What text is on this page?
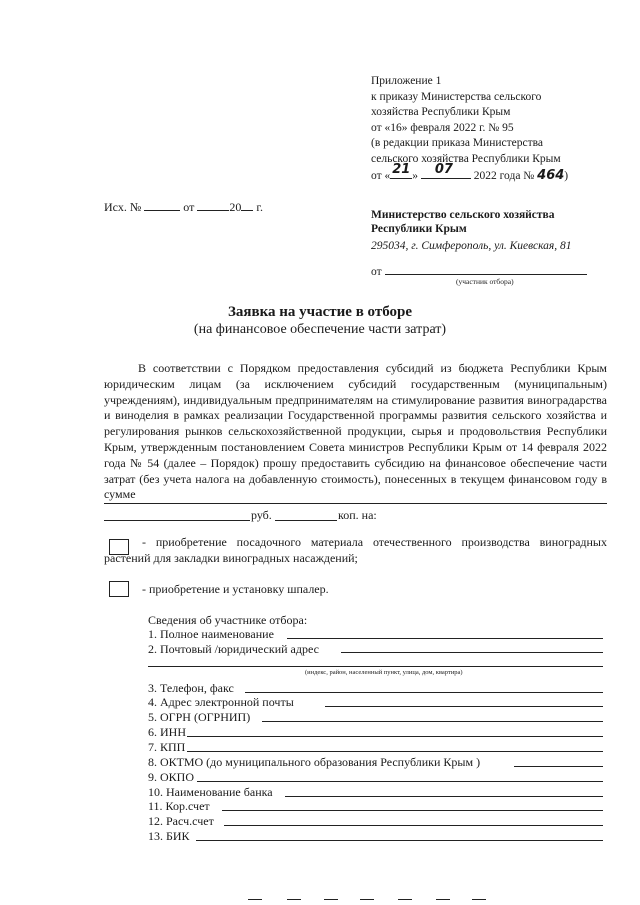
Приложение 1
к приказу Министерства сельского
хозяйства Республики Крым
от «16» февраля 2022 г. № 95
(в редакции приказа Министерства
сельского хозяйства Республики Крым
от « 21 » 07 2022 года № 464)
Исх. №	от	20 г.
Министерство сельского хозяйства
Республики Крым
295034, г. Симферополь, ул. Киевская, 81
от
(участник отбора)
Заявка на участие в отборе
(на финансовое обеспечение части затрат)
В соответствии с Порядком предоставления субсидий из бюджета Республики Крым юридическим лицам (за исключением субсидий государственным (муниципальным) учреждениям), индивидуальным предпринимателям на стимулирование развития виноградарства и виноделия в рамках реализации Государственной программы развития сельского хозяйства и регулирования рынков сельскохозяйственной продукции, сырья и продовольствия Республики Крым, утвержденным постановлением Совета министров Республики Крым от 14 февраля 2022 года № 54 (далее – Порядок) прошу предоставить субсидию на финансовое обеспечение части затрат (без учета налога на добавленную стоимость), понесенных в текущем финансовом году в сумме
руб.	коп. на:
- приобретение посадочного материала отечественного производства виноградных растений для закладки виноградных насаждений;
- приобретение и установку шпалер.
Сведения об участнике отбора:
1. Полное наименование
2. Почтовый /юридический адрес
(индекс, район, населенный пункт, улица, дом, квартира)
3. Телефон, факс
4. Адрес электронной почты
5. ОГРН (ОГРНИП)
6. ИНН
7. КПП
8. ОКТМО (до муниципального образования Республики Крым )
9. ОКПО
10. Наименование банка
11. Кор.счет
12. Расч.счет
13. БИК
